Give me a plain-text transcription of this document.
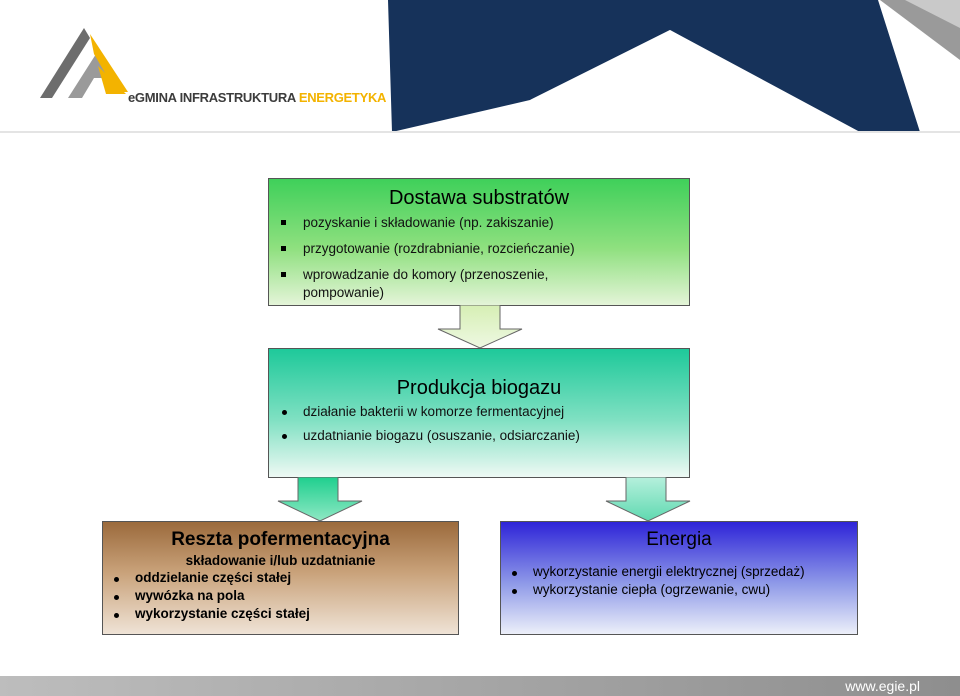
eGMINA INFRASTRUKTURA ENERGETYKA
Dostawa substratów
pozyskanie i składowanie (np. zakiszanie)
przygotowanie (rozdrabnianie, rozcieńczanie)
wprowadzanie do komory (przenoszenie, pompowanie)
Produkcja biogazu
działanie bakterii w komorze fermentacyjnej
uzdatnianie biogazu (osuszanie, odsiarczanie)
Reszta pofermentacyjna
składowanie i/lub uzdatnianie
oddzielanie części stałej
wywózka na pola
wykorzystanie części stałej
Energia
wykorzystanie energii elektrycznej (sprzedaż)
wykorzystanie ciepła (ogrzewanie, cwu)
www.egie.pl
